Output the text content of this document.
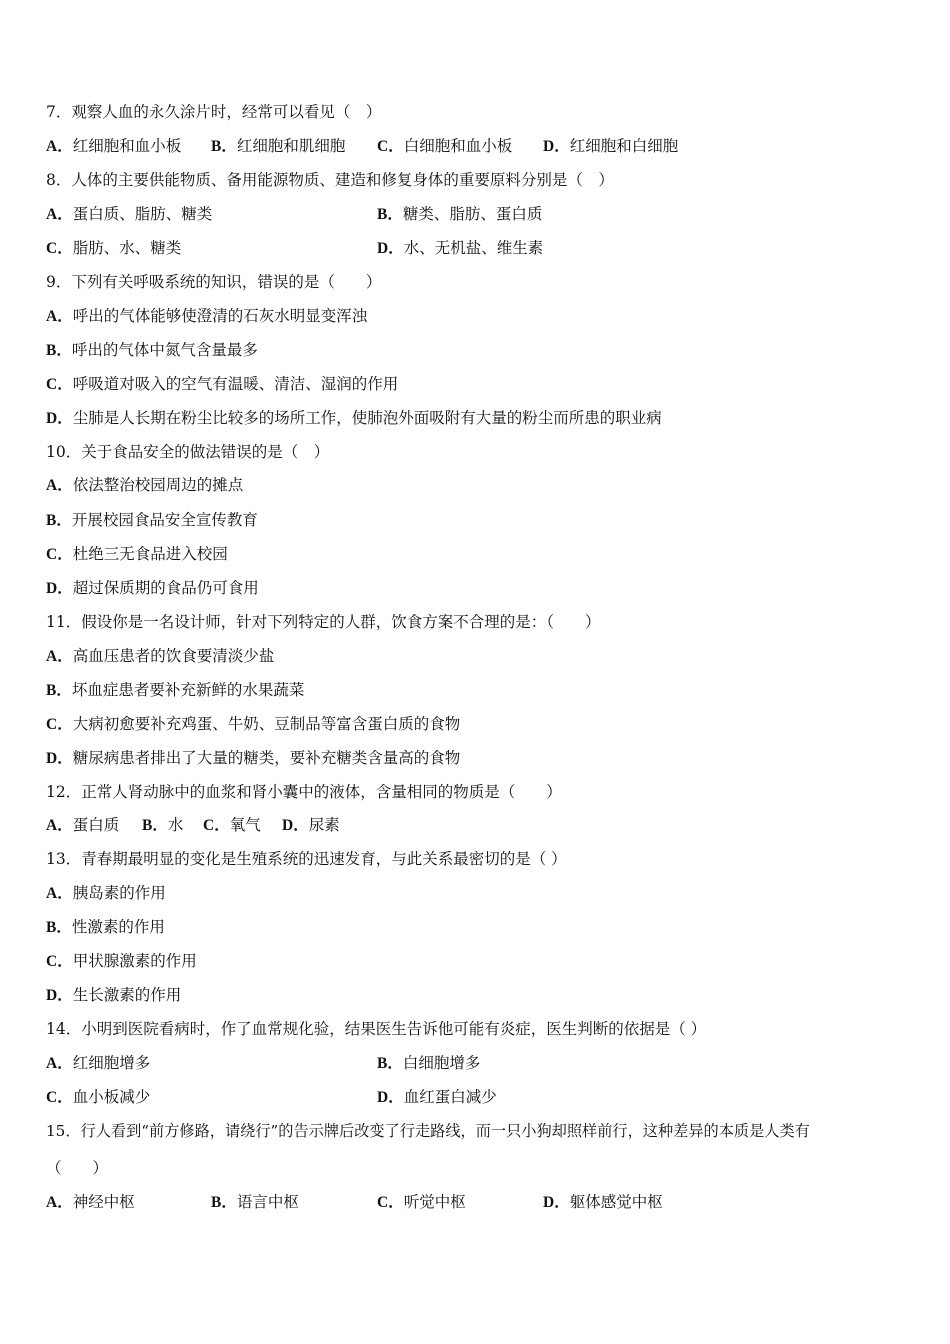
7．观察人血的永久涂片时，经常可以看见（　）
A．红细胞和血小板 B．红细胞和肌细胞 C．白细胞和血小板 D．红细胞和白细胞
8．人体的主要供能物质、备用能源物质、建造和修复身体的重要原料分别是（　）
A．蛋白质、脂肪、糖类	B．糖类、脂肪、蛋白质
C．脂肪、水、糖类	D．水、无机盐、维生素
9．下列有关呼吸系统的知识，错误的是（　　）
A．呼出的气体能够使澄清的石灰水明显变浑浊
B．呼出的气体中氮气含量最多
C．呼吸道对吸入的空气有温暖、清洁、湿润的作用
D．尘肺是人长期在粉尘比较多的场所工作，使肺泡外面吸附有大量的粉尘而所患的职业病
10．关于食品安全的做法错误的是（　）
A．依法整治校园周边的摊点
B．开展校园食品安全宣传教育
C．杜绝三无食品进入校园
D．超过保质期的食品仍可食用
11．假设你是一名设计师，针对下列特定的人群，饮食方案不合理的是：（　　）
A．高血压患者的饮食要清淡少盐
B．坏血症患者要补充新鲜的水果蔬菜
C．大病初愈要补充鸡蛋、牛奶、豆制品等富含蛋白质的食物
D．糖尿病患者排出了大量的糖类，要补充糖类含量高的食物
12．正常人肾动脉中的血浆和肾小囊中的液体，含量相同的物质是（　　）
A．蛋白质 B．水 C．氧气 D．尿素
13．青春期最明显的变化是生殖系统的迅速发育，与此关系最密切的是（ ）
A．胰岛素的作用
B．性激素的作用
C．甲状腺激素的作用
D．生长激素的作用
14．小明到医院看病时，作了血常规化验，结果医生告诉他可能有炎症，医生判断的依据是（ ）
A．红细胞增多	B．白细胞增多
C．血小板减少	D．血红蛋白减少
15．行人看到“前方修路，请绕行”的告示牌后改变了行走路线，而一只小狗却照样前行，这种差异的本质是人类有
（　　）
A．神经中枢	B．语言中枢	C．听觉中枢	D．躯体感觉中枢
